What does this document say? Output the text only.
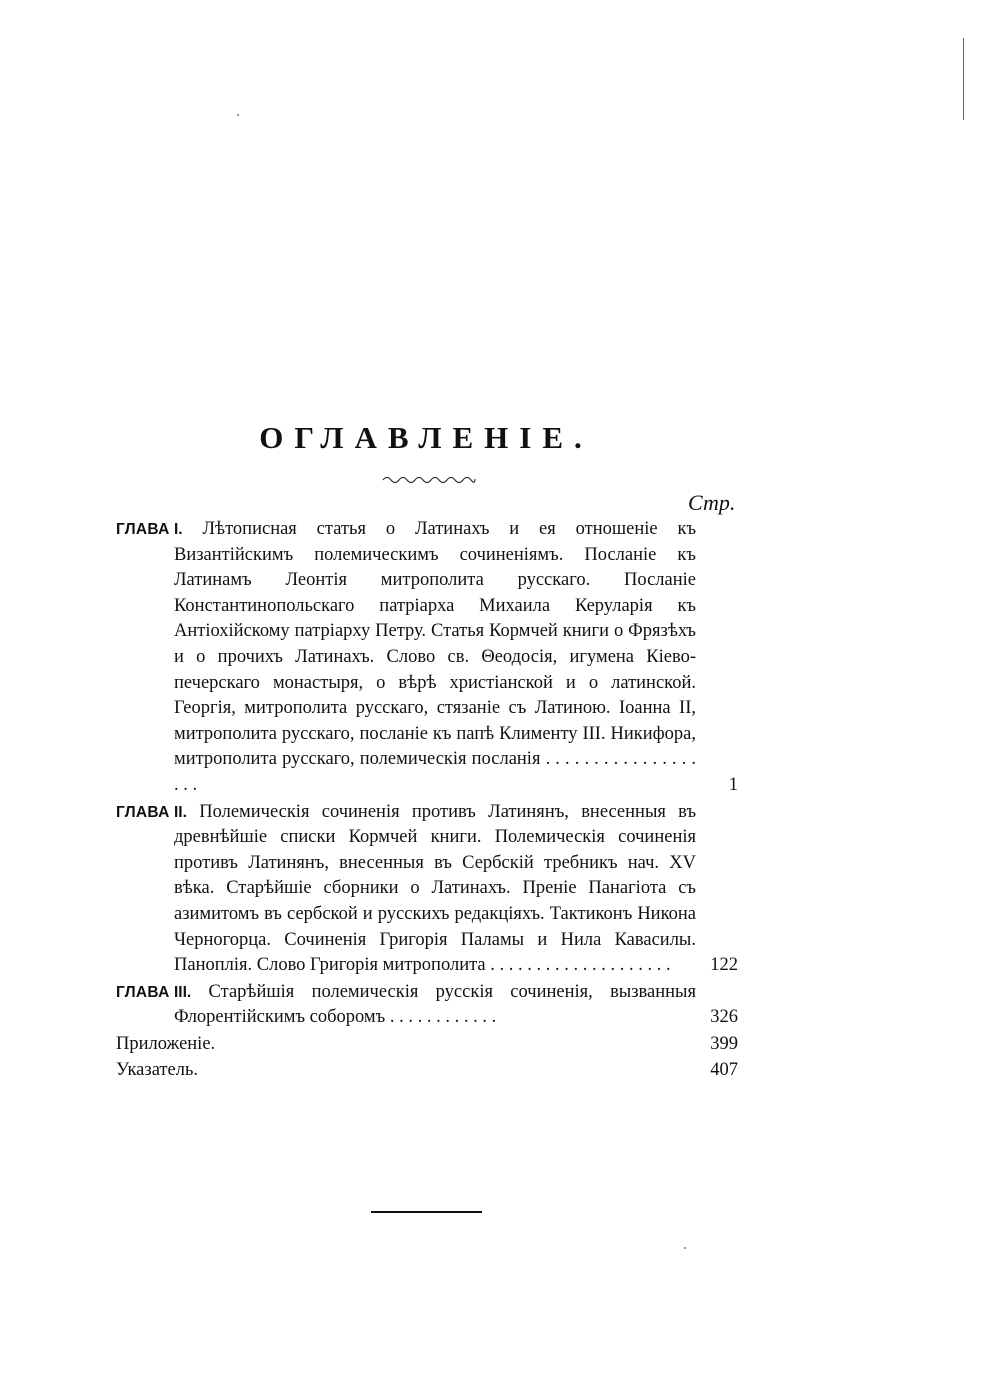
ОГЛАВЛЕНІЕ.
Стр.
ГЛАВА I. Лѣтописная статья о Латинахъ и ея отношеніе къ Византійскимъ полемическимъ сочиненіямъ. Посланіе къ Латинамъ Леонтія митрополита русскаго. Посланіе Константинопольскаго патріарха Михаила Керуларія къ Антіохійскому патріарху Петру. Статья Кормчей книги о Фрязѣхъ и о прочихъ Латинахъ. Слово св. Θеодосія, игумена Кіево-печерскаго монастыря, о вѣрѣ христіанской и о латинской. Георгія, митрополита русскаго, стязаніе съ Латиною. Іоанна II, митрополита русскаго, посланіе къ папѣ Клименту III. Никифора, митрополита русскаго, полемическія посланія . . . . . . . . . . . . . . . . . . .	1
ГЛАВА II. Полемическія сочиненія противъ Латинянъ, внесенныя въ древнѣйшіе списки Кормчей книги. Полемическія сочиненія противъ Латинянъ, внесенныя въ Сербскій требникъ нач. XV вѣка. Старѣйшіе сборники о Латинахъ. Преніе Панагіота съ азимитомъ въ сербской и русскихъ редакціяхъ. Тактиконъ Никона Черногорца. Сочиненія Григорія Паламы и Нила Кавасилы. Паноплія. Слово Григорія митрополита . . . . . . . . . . . . . . . . . . . .	122
ГЛАВА III. Старѣйшія полемическія русскія сочиненія, вызванныя Флорентійскимъ соборомъ . . . . . . . . . . . .	326
Приложеніе.	399
Указатель.	407
